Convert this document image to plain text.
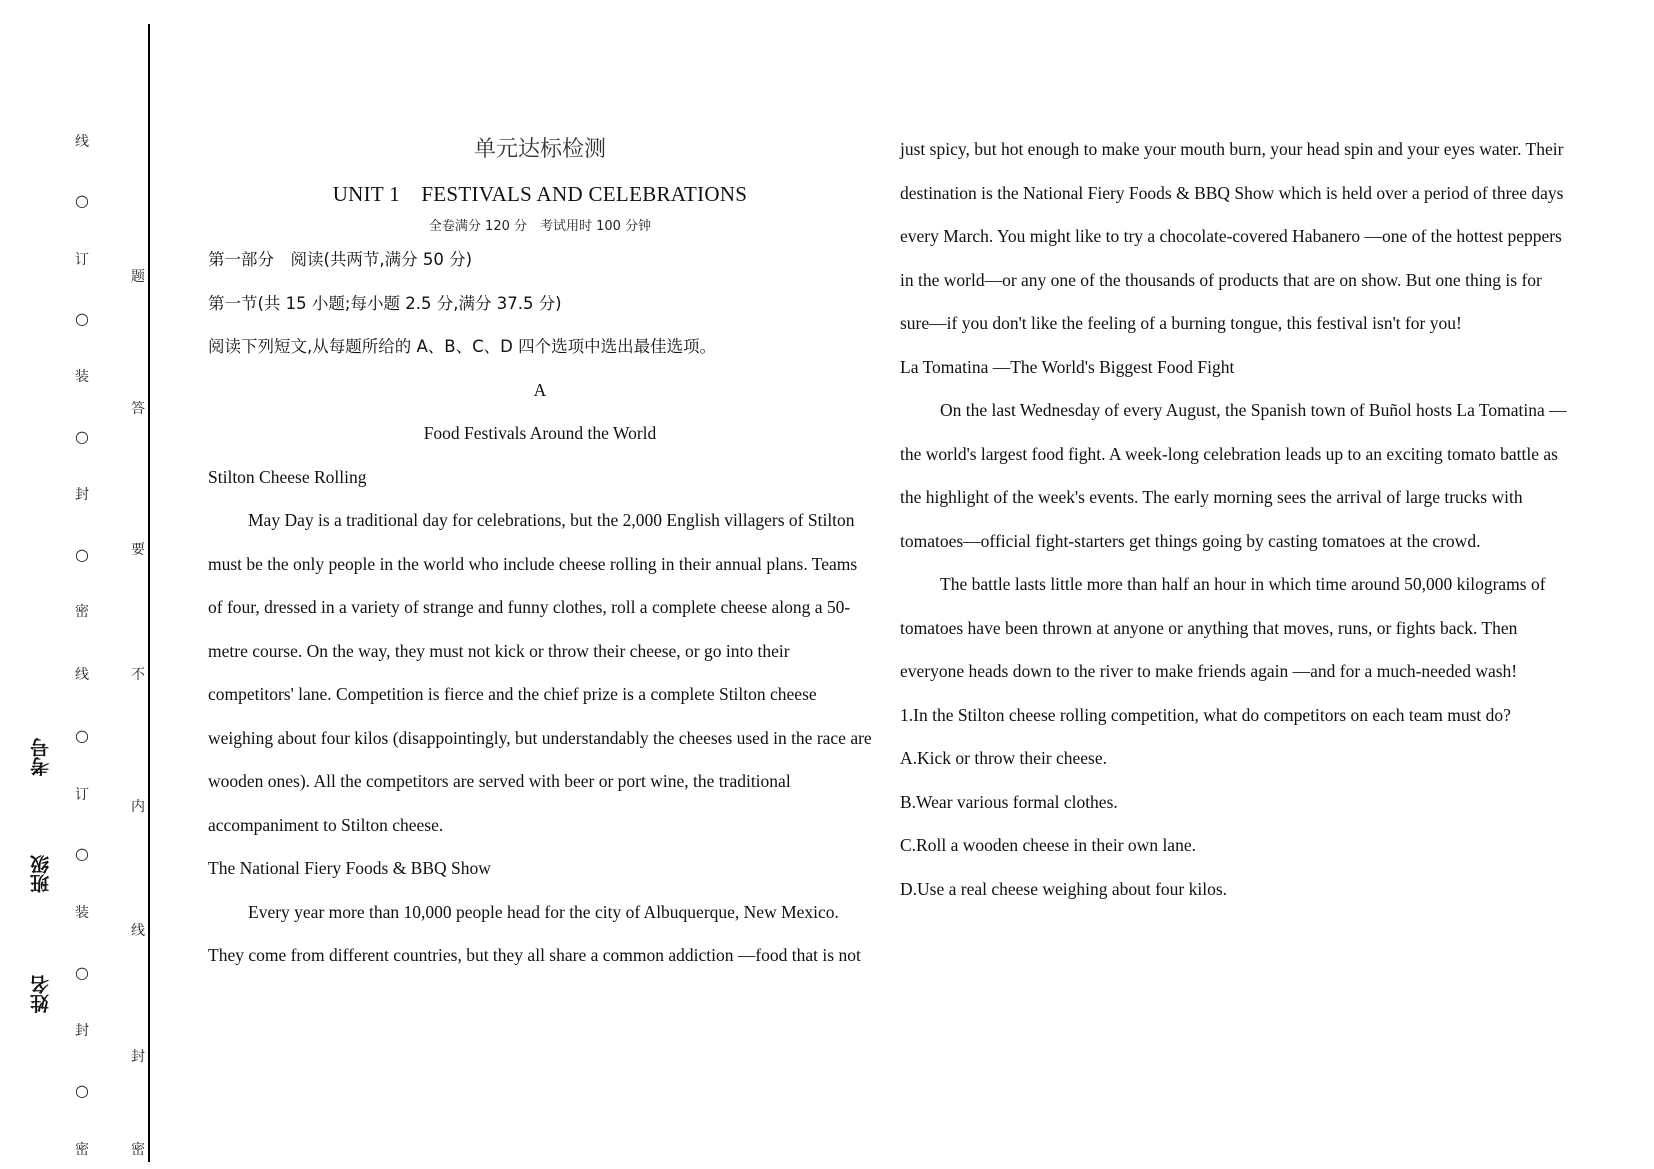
线
○
订
○
装
○
封
○
密
线
○
订
○
装
○
封
○
密
题
答
要
不
内
线
封
密
考号
班级
姓名
单元达标检测
UNIT 1　FESTIVALS AND CELEBRATIONS

全卷满分 120 分　考试用时 100 分钟

第一部分　阅读(共两节,满分 50 分)

第一节(共 15 小题;每小题 2.5 分,满分 37.5 分)

阅读下列短文,从每题所给的 A、B、C、D 四个选项中选出最佳选项。

A

Food Festivals Around the World

Stilton Cheese Rolling

May Day is a traditional day for celebrations, but the 2,000 English villagers of Stilton must be the only people in the world who include cheese rolling in their annual plans. Teams of four, dressed in a variety of strange and funny clothes, roll a complete cheese along a 50-metre course. On the way, they must not kick or throw their cheese, or go into their competitors' lane. Competition is fierce and the chief prize is a complete Stilton cheese weighing about four kilos (disappointingly, but understandably the cheeses used in the race are wooden ones). All the competitors are served with beer or port wine, the traditional accompaniment to Stilton cheese.

The National Fiery Foods & BBQ Show

Every year more than 10,000 people head for the city of Albuquerque, New Mexico. They come from different countries, but they all share a common addiction —food that is not

just spicy, but hot enough to make your mouth burn, your head spin and your eyes water. Their destination is the National Fiery Foods & BBQ Show which is held over a period of three days every March. You might like to try a chocolate-covered Habanero —one of the hottest peppers in the world—or any one of the thousands of products that are on show. But one thing is for sure—if you don't like the feeling of a burning tongue, this festival isn't for you!

La Tomatina —The World's Biggest Food Fight

On the last Wednesday of every August, the Spanish town of Buñol hosts La Tomatina —the world's largest food fight. A week-long celebration leads up to an exciting tomato battle as the highlight of the week's events. The early morning sees the arrival of large trucks with tomatoes—official fight-starters get things going by casting tomatoes at the crowd.

The battle lasts little more than half an hour in which time around 50,000 kilograms of tomatoes have been thrown at anyone or anything that moves, runs, or fights back. Then everyone heads down to the river to make friends again —and for a much-needed wash!

1.In the Stilton cheese rolling competition, what do competitors on each team must do?

A.Kick or throw their cheese.

B.Wear various formal clothes.

C.Roll a wooden cheese in their own lane.

D.Use a real cheese weighing about four kilos.
